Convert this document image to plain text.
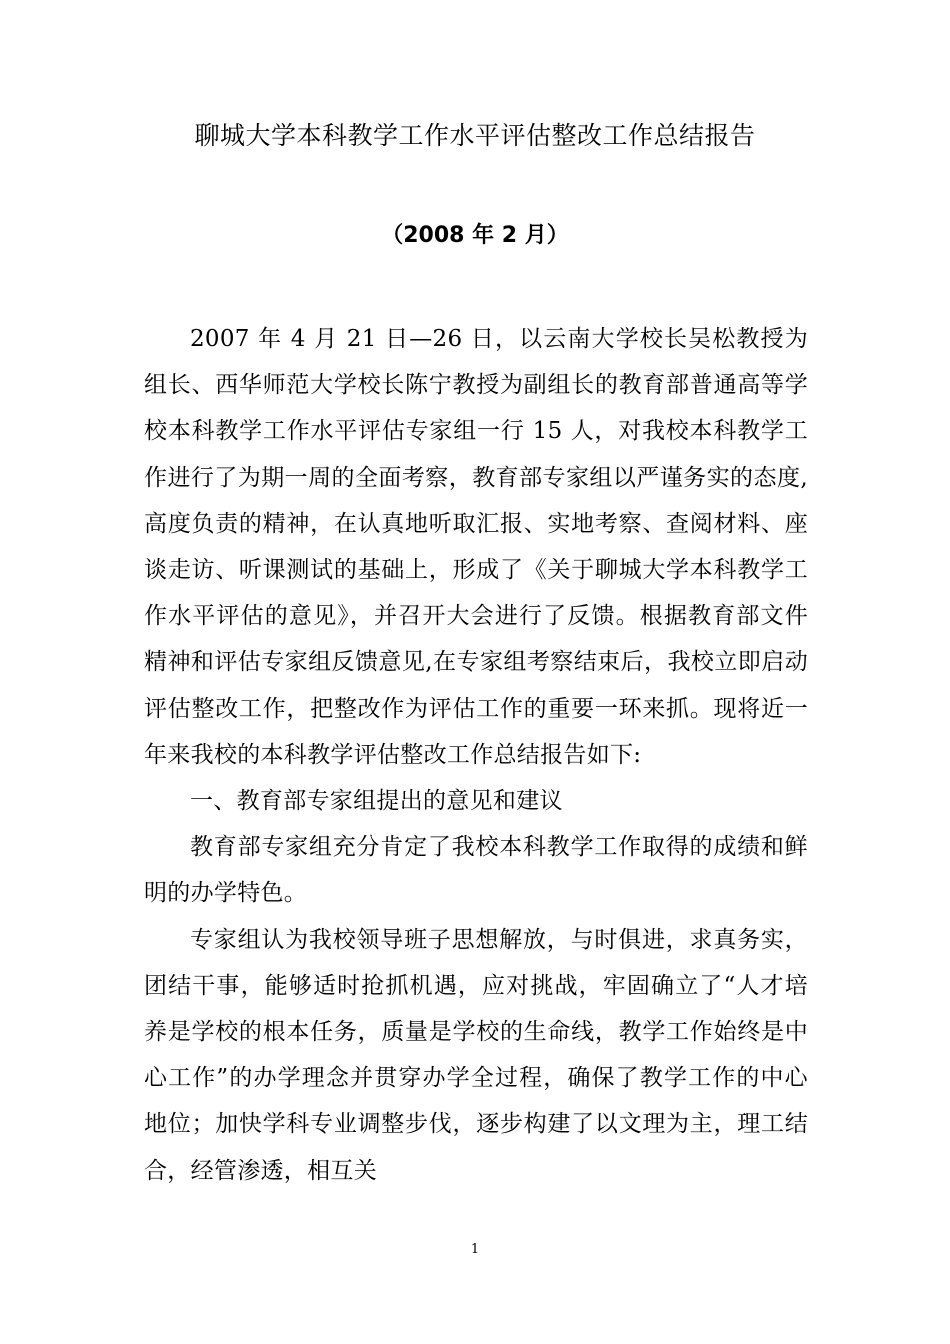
聊城大学本科教学工作水平评估整改工作总结报告
（2008 年 2 月）

2007 年 4 月 21 日—26 日，以云南大学校长吴松教授为组长、西华师范大学校长陈宁教授为副组长的教育部普通高等学校本科教学工作水平评估专家组一行 15 人，对我校本科教学工作进行了为期一周的全面考察，教育部专家组以严谨务实的态度,高度负责的精神，在认真地听取汇报、实地考察、查阅材料、座谈走访、听课测试的基础上，形成了《关于聊城大学本科教学工作水平评估的意见》，并召开大会进行了反馈。根据教育部文件精神和评估专家组反馈意见,在专家组考察结束后，我校立即启动评估整改工作，把整改作为评估工作的重要一环来抓。现将近一年来我校的本科教学评估整改工作总结报告如下:

一、教育部专家组提出的意见和建议

教育部专家组充分肯定了我校本科教学工作取得的成绩和鲜明的办学特色。

专家组认为我校领导班子思想解放，与时俱进，求真务实，团结干事，能够适时抢抓机遇，应对挑战，牢固确立了“人才培养是学校的根本任务，质量是学校的生命线，教学工作始终是中心工作”的办学理念并贯穿办学全过程，确保了教学工作的中心地位；加快学科专业调整步伐，逐步构建了以文理为主，理工结合，经管渗透，相互关

1
